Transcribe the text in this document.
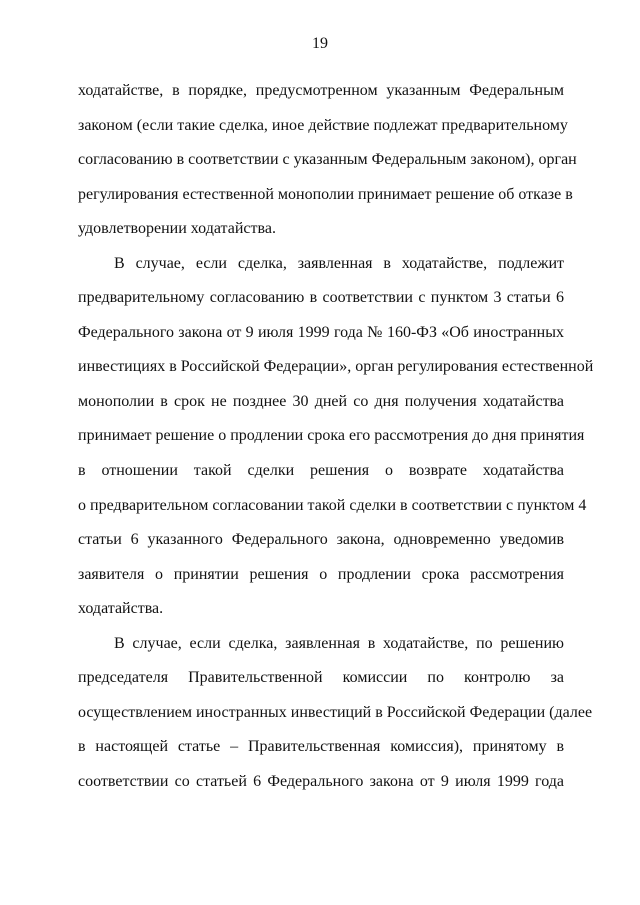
19
ходатайстве, в порядке, предусмотренном указанным Федеральным
законом (если такие сделка, иное действие подлежат предварительному
согласованию в соответствии с указанным Федеральным законом), орган
регулирования естественной монополии принимает решение об отказе в
удовлетворении ходатайства.
В случае, если сделка, заявленная в ходатайстве, подлежит
предварительному согласованию в соответствии с пунктом 3 статьи 6
Федерального закона от 9 июля 1999 года № 160-ФЗ «Об иностранных
инвестициях в Российской Федерации», орган регулирования естественной
монополии в срок не позднее 30 дней со дня получения ходатайства
принимает решение о продлении срока его рассмотрения до дня принятия
в отношении такой сделки решения о возврате ходатайства
о предварительном согласовании такой сделки в соответствии с пунктом 4
статьи 6 указанного Федерального закона, одновременно уведомив
заявителя о принятии решения о продлении срока рассмотрения
ходатайства.
В случае, если сделка, заявленная в ходатайстве, по решению
председателя Правительственной комиссии по контролю за
осуществлением иностранных инвестиций в Российской Федерации (далее
в настоящей статье – Правительственная комиссия), принятому в
соответствии со статьей 6 Федерального закона от 9 июля 1999 года
